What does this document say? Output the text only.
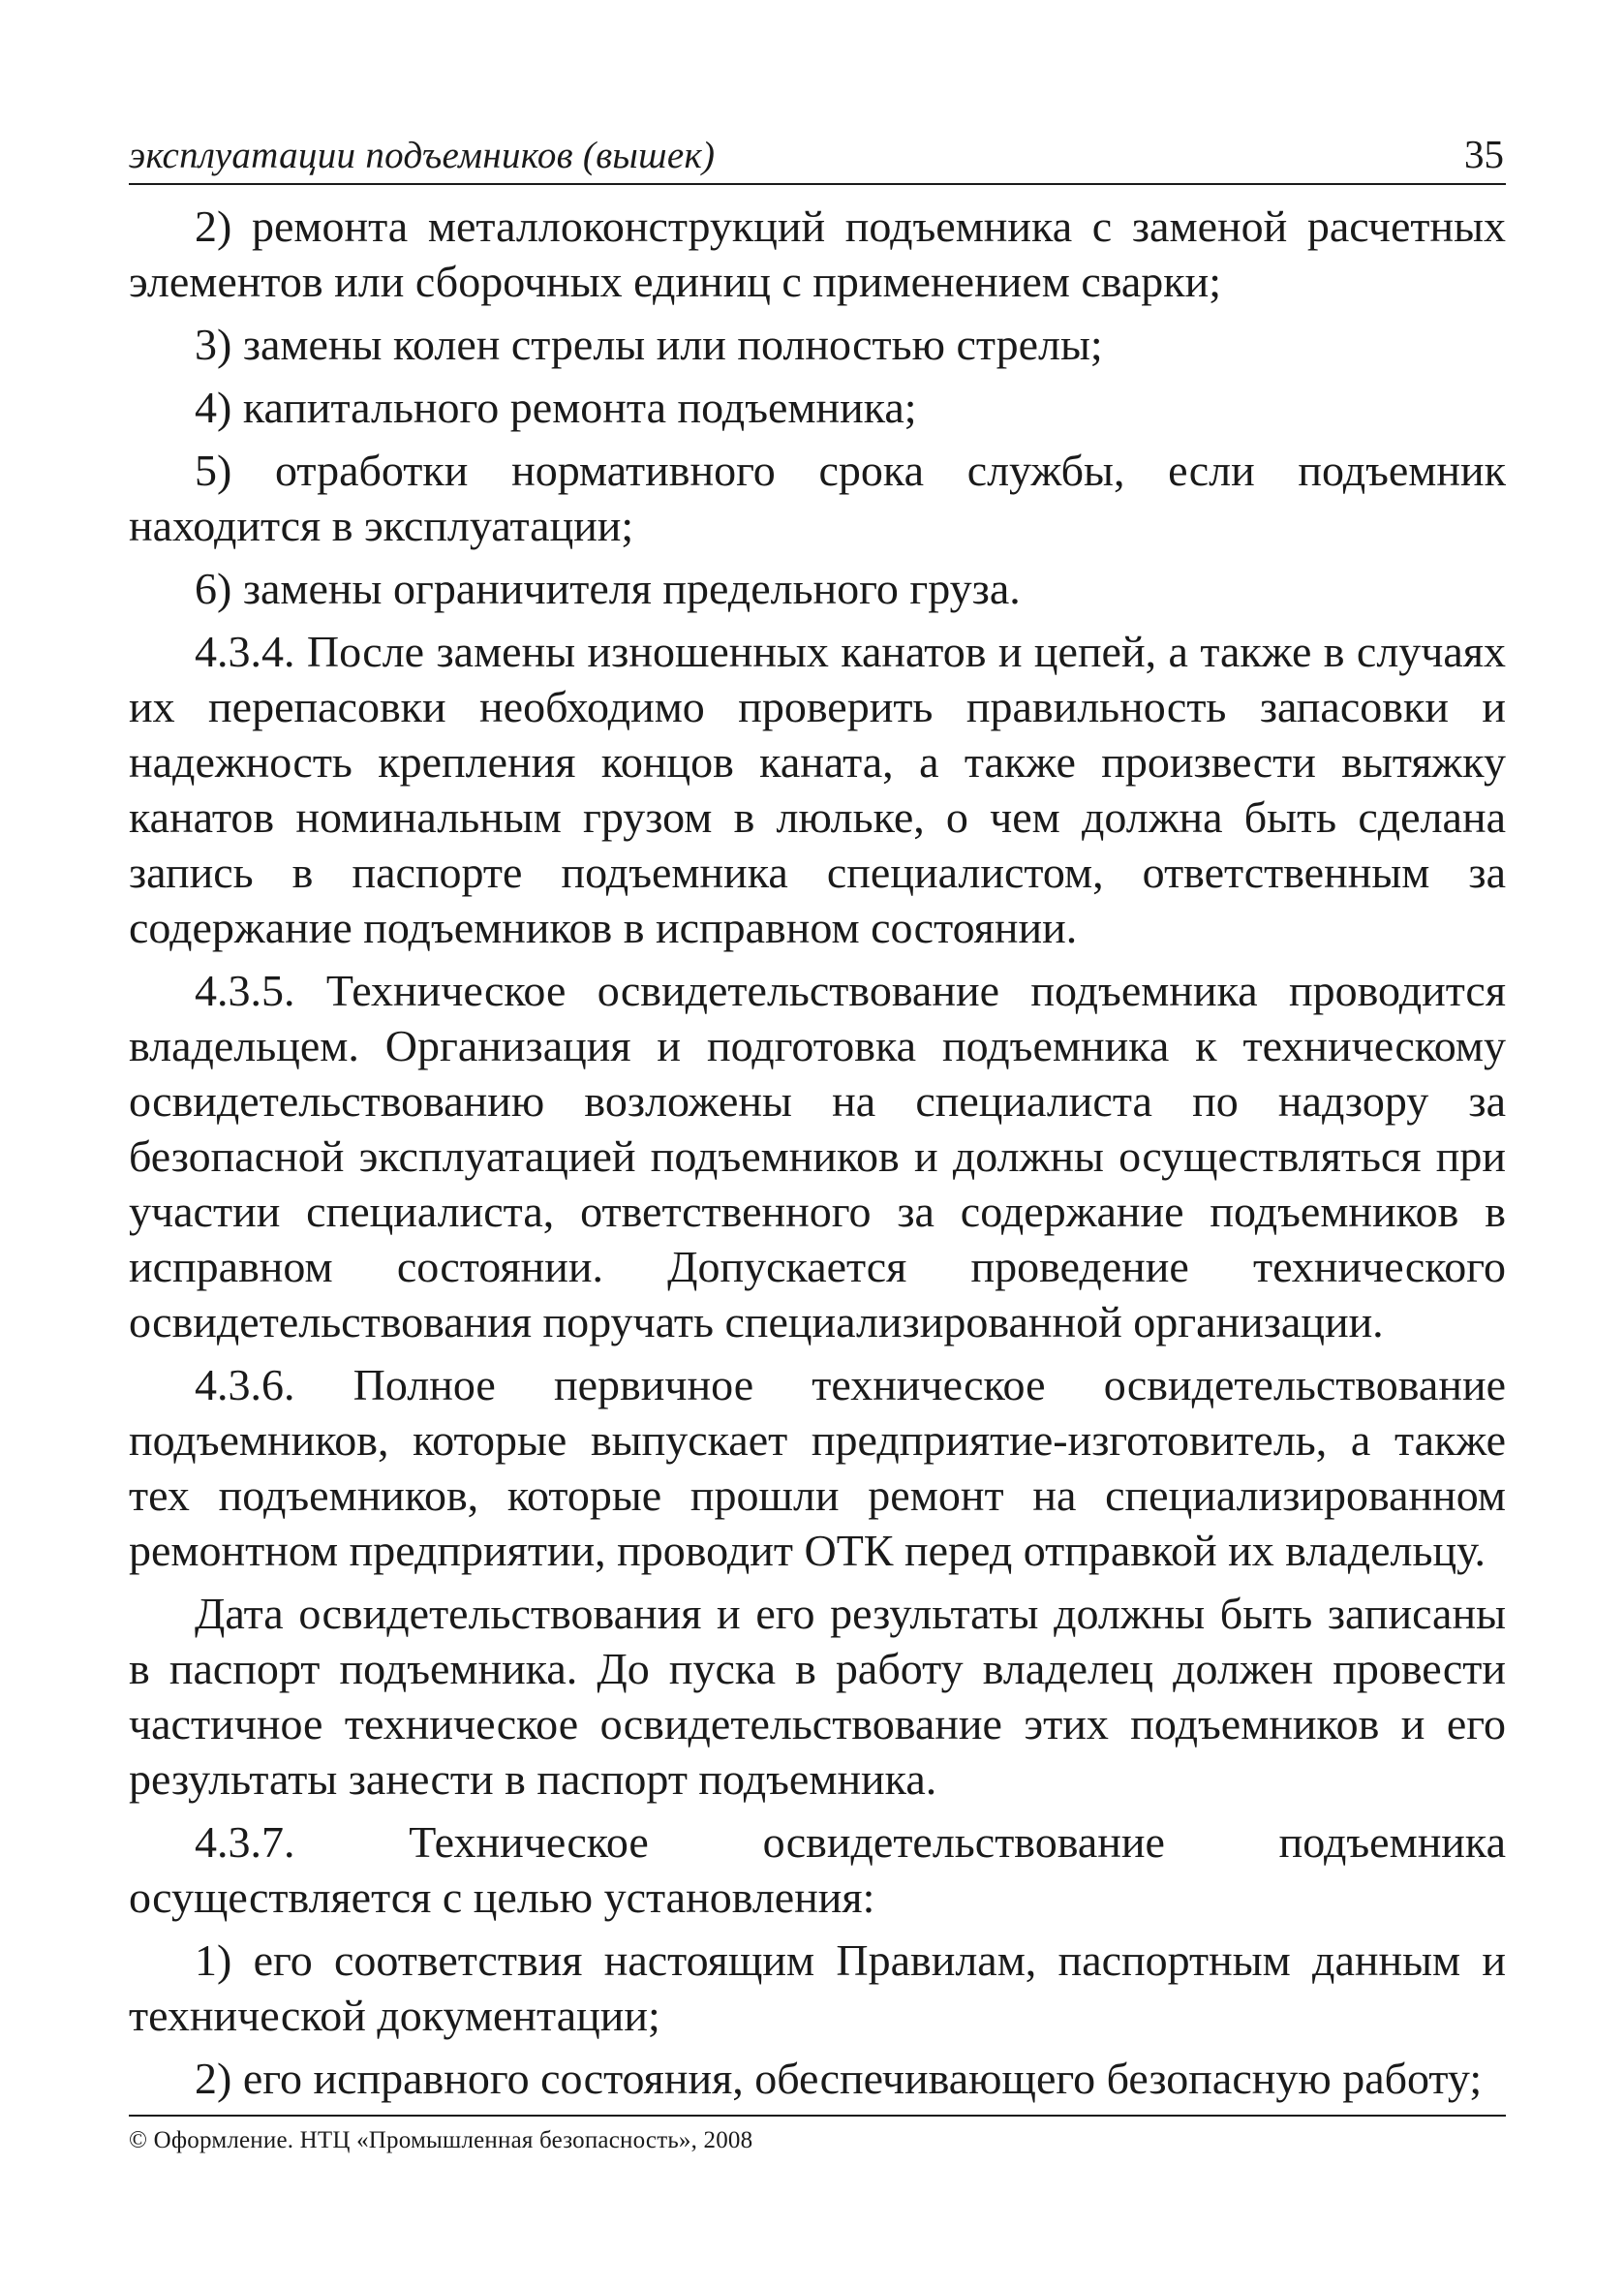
эксплуатации подъемников (вышек)	35

2) ремонта металлоконструкций подъемника с заменой расчетных элементов или сборочных единиц с применением сварки;

3) замены колен стрелы или полностью стрелы;

4) капитального ремонта подъемника;

5) отработки нормативного срока службы, если подъемник находится в эксплуатации;

6) замены ограничителя предельного груза.

4.3.4. После замены изношенных канатов и цепей, а также в случаях их перепасовки необходимо проверить правильность запасовки и надежность крепления концов каната, а также произвести вытяжку канатов номинальным грузом в люльке, о чем должна быть сделана запись в паспорте подъемника специалистом, ответственным за содержание подъемников в исправном состоянии.

4.3.5. Техническое освидетельствование подъемника проводится владельцем. Организация и подготовка подъемника к техническому освидетельствованию возложены на специалиста по надзору за безопасной эксплуатацией подъемников и должны осуществляться при участии специалиста, ответственного за содержание подъемников в исправном состоянии. Допускается проведение технического освидетельствования поручать специализированной организации.

4.3.6. Полное первичное техническое освидетельствование подъемников, которые выпускает предприятие-изготовитель, а также тех подъемников, которые прошли ремонт на специализированном ремонтном предприятии, проводит ОТК перед отправкой их владельцу.

Дата освидетельствования и его результаты должны быть записаны в паспорт подъемника. До пуска в работу владелец должен провести частичное техническое освидетельствование этих подъемников и его результаты занести в паспорт подъемника.

4.3.7. Техническое освидетельствование подъемника осуществляется с целью установления:

1) его соответствия настоящим Правилам, паспортным данным и технической документации;

2) его исправного состояния, обеспечивающего безопасную работу;

© Оформление. НТЦ «Промышленная безопасность», 2008
